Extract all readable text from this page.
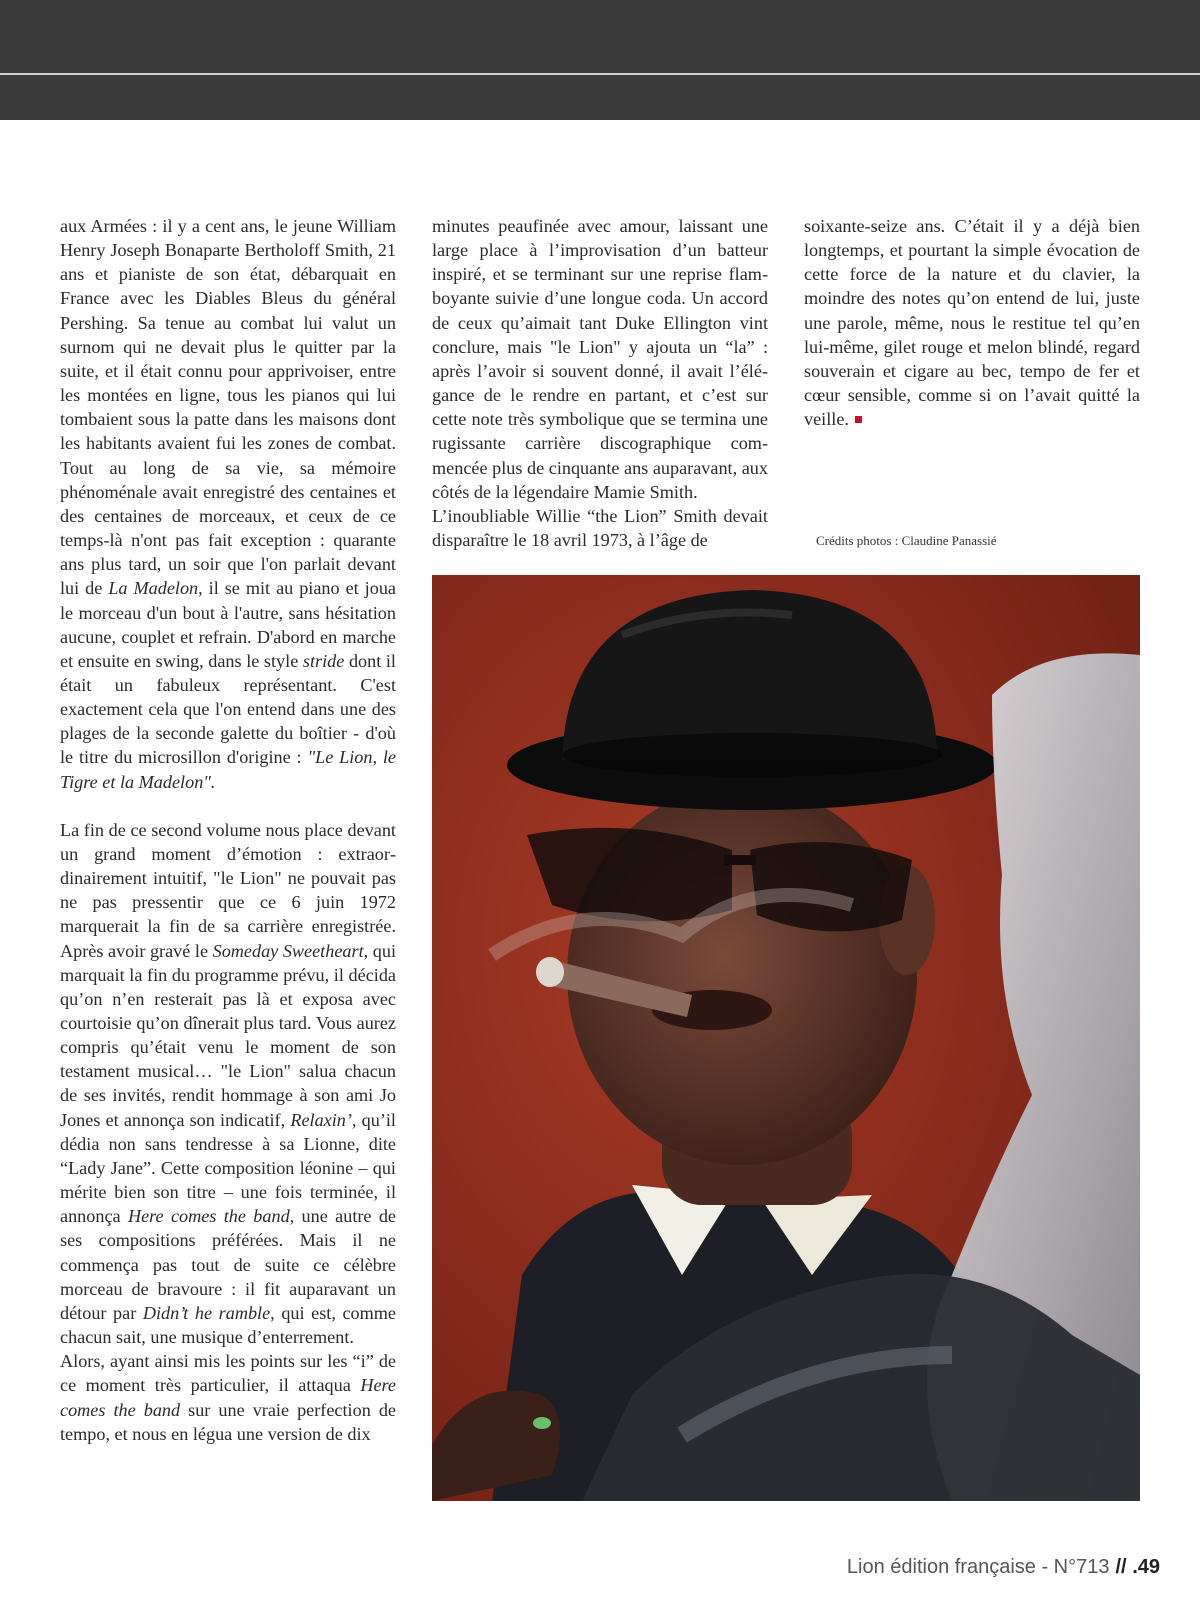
aux Armées : il y a cent ans, le jeune William Henry Joseph Bonaparte Bertholoff Smith, 21 ans et pianiste de son état, débarquait en France avec les Diables Bleus du général Pershing. Sa tenue au combat lui valut un surnom qui ne devait plus le quitter par la suite, et il était connu pour apprivoiser, entre les montées en ligne, tous les pianos qui lui tombaient sous la patte dans les maisons dont les habitants avaient fui les zones de combat. Tout au long de sa vie, sa mémoire phénoménale avait enregistré des centaines et des centaines de morceaux, et ceux de ce temps-là n'ont pas fait exception : quarante ans plus tard, un soir que l'on parlait devant lui de La Madelon, il se mit au piano et joua le morceau d'un bout à l'autre, sans hésitation aucune, couplet et refrain. D'abord en marche et ensuite en swing, dans le style stride dont il était un fabuleux représentant. C'est exactement cela que l'on entend dans une des plages de la seconde galette du boîtier - d'où le titre du microsillon d'origine : "Le Lion, le Tigre et la Madelon".

La fin de ce second volume nous place devant un grand moment d’émotion : extraordinairement intuitif, "le Lion" ne pouvait pas ne pas pressentir que ce 6 juin 1972 marquerait la fin de sa carrière enregistrée. Après avoir gravé le Someday Sweetheart, qui marquait la fin du programme prévu, il décida qu’on n’en resterait pas là et exposa avec courtoisie qu’on dînerait plus tard. Vous aurez compris qu’était venu le moment de son testament musical… "le Lion" salua chacun de ses invités, rendit hommage à son ami Jo Jones et annonça son indicatif, Relaxin’, qu’il dédia non sans tendresse à sa Lionne, dite “Lady Jane”. Cette composition léonine – qui mérite bien son titre – une fois terminée, il annonça Here comes the band, une autre de ses compositions préférées. Mais il ne commença pas tout de suite ce célèbre morceau de bravoure : il fit auparavant un détour par Didn’t he ramble, qui est, comme chacun sait, une musique d’enterrement.

Alors, ayant ainsi mis les points sur les “i” de ce moment très particulier, il attaqua Here comes the band sur une vraie perfection de tempo, et nous en légua une version de dix

minutes peaufinée avec amour, laissant une large place à l’improvisation d’un batteur inspiré, et se terminant sur une reprise flamboyante suivie d’une longue coda. Un accord de ceux qu’aimait tant Duke Ellington vint conclure, mais "le Lion" y ajouta un “la” : après l’avoir si souvent donné, il avait l’élégance de le rendre en partant, et c’est sur cette note très symbolique que se termina une rugissante carrière discographique commencée plus de cinquante ans auparavant, aux côtés de la légendaire Mamie Smith.

L’inoubliable Willie “the Lion” Smith devait disparaître le 18 avril 1973, à l’âge de

soixante-seize ans. C’était il y a déjà bien longtemps, et pourtant la simple évocation de cette force de la nature et du clavier, la moindre des notes qu’on entend de lui, juste une parole, même, nous le restitue tel qu’en lui-même, gilet rouge et melon blindé, regard souverain et cigare au bec, tempo de fer et cœur sensible, comme si on l’avait quitté la veille.

Crédits photos : Claudine Panassié
Lion édition française - N°713 // .49
